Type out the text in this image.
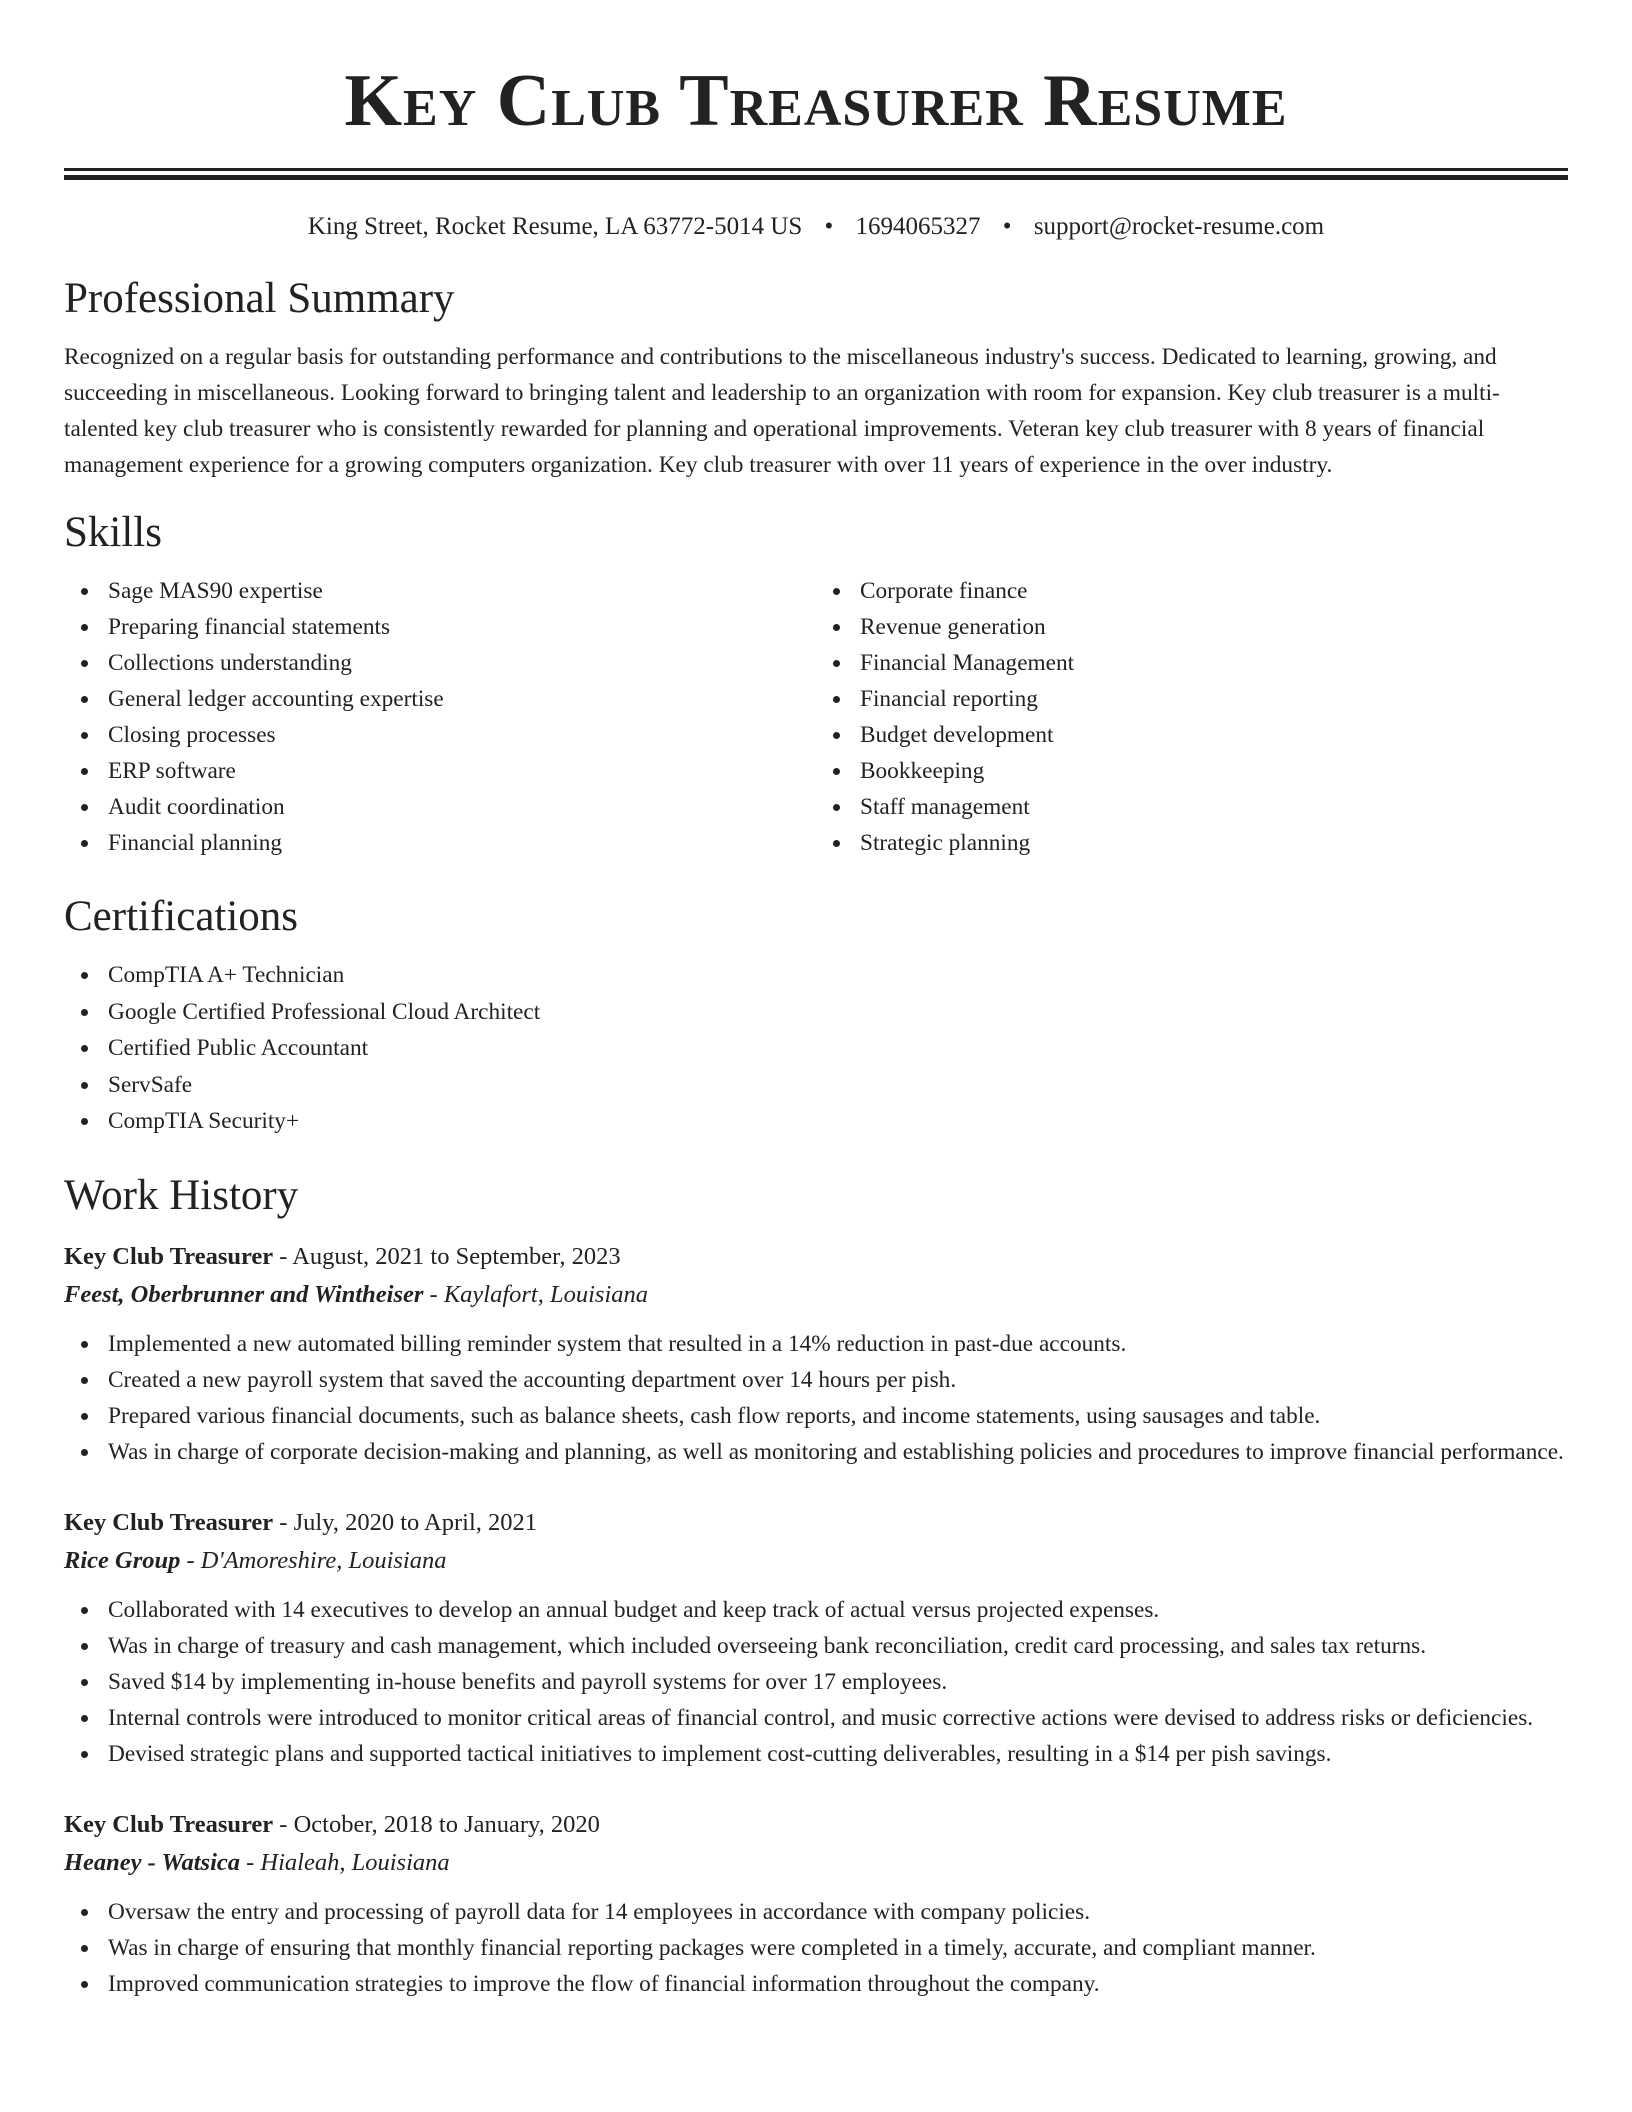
Key Club Treasurer Resume
King Street, Rocket Resume, LA 63772-5014 US • 1694065327 • support@rocket-resume.com
Professional Summary

Recognized on a regular basis for outstanding performance and contributions to the miscellaneous industry's success. Dedicated to learning, growing, and succeeding in miscellaneous. Looking forward to bringing talent and leadership to an organization with room for expansion. Key club treasurer is a multi-talented key club treasurer who is consistently rewarded for planning and operational improvements. Veteran key club treasurer with 8 years of financial management experience for a growing computers organization. Key club treasurer with over 11 years of experience in the over industry.

Skills
Sage MAS90 expertise
Preparing financial statements
Collections understanding
General ledger accounting expertise
Closing processes
ERP software
Audit coordination
Financial planning
Corporate finance
Revenue generation
Financial Management
Financial reporting
Budget development
Bookkeeping
Staff management
Strategic planning
Certifications
CompTIA A+ Technician
Google Certified Professional Cloud Architect
Certified Public Accountant
ServSafe
CompTIA Security+
Work History
Key Club Treasurer - August, 2021 to September, 2023
Feest, Oberbrunner and Wintheiser - Kaylafort, Louisiana
Implemented a new automated billing reminder system that resulted in a 14% reduction in past-due accounts.
Created a new payroll system that saved the accounting department over 14 hours per pish.
Prepared various financial documents, such as balance sheets, cash flow reports, and income statements, using sausages and table.
Was in charge of corporate decision-making and planning, as well as monitoring and establishing policies and procedures to improve financial performance.
Key Club Treasurer - July, 2020 to April, 2021
Rice Group - D'Amoreshire, Louisiana
Collaborated with 14 executives to develop an annual budget and keep track of actual versus projected expenses.
Was in charge of treasury and cash management, which included overseeing bank reconciliation, credit card processing, and sales tax returns.
Saved $14 by implementing in-house benefits and payroll systems for over 17 employees.
Internal controls were introduced to monitor critical areas of financial control, and music corrective actions were devised to address risks or deficiencies.
Devised strategic plans and supported tactical initiatives to implement cost-cutting deliverables, resulting in a $14 per pish savings.
Key Club Treasurer - October, 2018 to January, 2020
Heaney - Watsica - Hialeah, Louisiana
Oversaw the entry and processing of payroll data for 14 employees in accordance with company policies.
Was in charge of ensuring that monthly financial reporting packages were completed in a timely, accurate, and compliant manner.
Improved communication strategies to improve the flow of financial information throughout the company.
